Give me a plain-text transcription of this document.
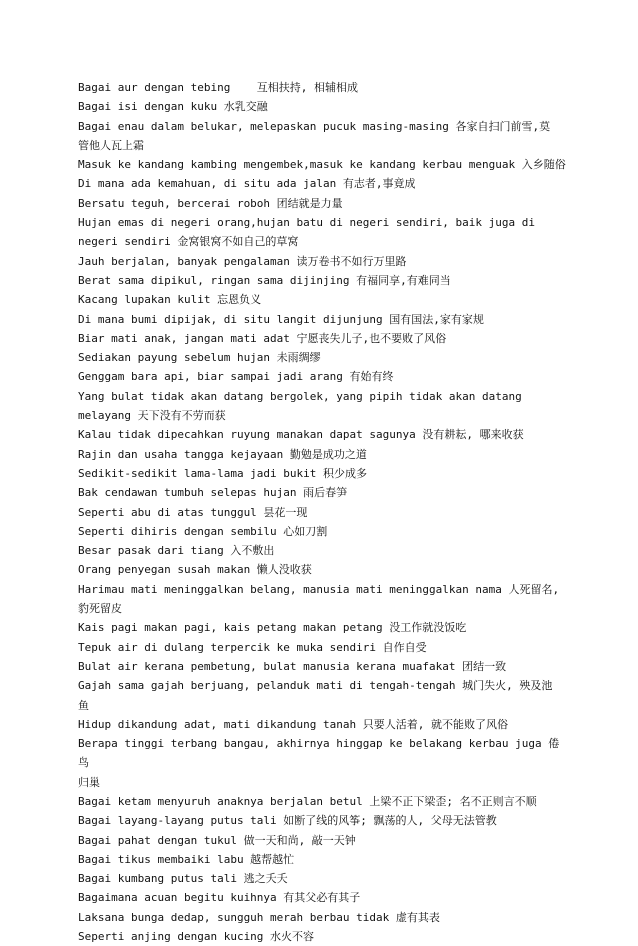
Bagai aur dengan tebing    互相扶持, 相辅相成

Bagai isi dengan kuku 水乳交融

Bagai enau dalam belukar, melepaskan pucuk masing-masing 各家自扫门前雪,莫

管他人瓦上霜

Masuk ke kandang kambing mengembek,masuk ke kandang kerbau menguak 入乡随俗

Di mana ada kemahuan, di situ ada jalan 有志者,事竟成

Bersatu teguh, bercerai roboh 团结就是力量

Hujan emas di negeri orang,hujan batu di negeri sendiri, baik juga di

negeri sendiri 金窝银窝不如自己的草窝

Jauh berjalan, banyak pengalaman 读万卷书不如行万里路

Berat sama dipikul, ringan sama dijinjing 有福同享,有难同当

Kacang lupakan kulit 忘恩负义

Di mana bumi dipijak, di situ langit dijunjung 国有国法,家有家规

Biar mati anak, jangan mati adat 宁愿丧失儿子,也不要败了风俗

Sediakan payung sebelum hujan 未雨绸缪

Genggam bara api, biar sampai jadi arang 有始有终

Yang bulat tidak akan datang bergolek, yang pipih tidak akan datang

melayang 天下没有不劳而获

Kalau tidak dipecahkan ruyung manakan dapat sagunya 没有耕耘, 哪来收获

Rajin dan usaha tangga kejayaan 勤勉是成功之道

Sedikit-sedikit lama-lama jadi bukit 积少成多

Bak cendawan tumbuh selepas hujan 雨后春笋

Seperti abu di atas tunggul 昙花一现

Seperti dihiris dengan sembilu 心如刀割

Besar pasak dari tiang 入不敷出

Orang penyegan susah makan 懒人没收获

Harimau mati meninggalkan belang, manusia mati meninggalkan nama 人死留名,

豹死留皮

Kais pagi makan pagi, kais petang makan petang 没工作就没饭吃

Tepuk air di dulang terpercik ke muka sendiri 自作自受

Bulat air kerana pembetung, bulat manusia kerana muafakat 团结一致

Gajah sama gajah berjuang, pelanduk mati di tengah-tengah 城门失火, 殃及池

鱼

Hidup dikandung adat, mati dikandung tanah 只要人活着, 就不能败了风俗

Berapa tinggi terbang bangau, akhirnya hinggap ke belakang kerbau juga 倦鸟

归巢

Bagai ketam menyuruh anaknya berjalan betul 上梁不正下梁歪; 名不正则言不顺

Bagai layang-layang putus tali 如断了线的风筝; 飘荡的人, 父母无法管教

Bagai pahat dengan tukul 做一天和尚, 敲一天钟

Bagai tikus membaiki labu 越帮越忙

Bagai kumbang putus tali 逃之夭夭

Bagaimana acuan begitu kuihnya 有其父必有其子

Laksana bunga dedap, sungguh merah berbau tidak 虚有其表

Seperti anjing dengan kucing 水火不容
